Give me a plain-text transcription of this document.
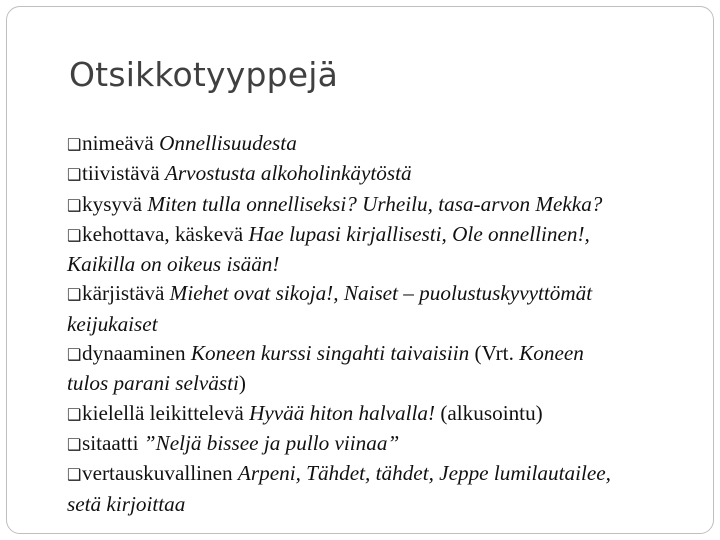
Otsikkotyyppejä

❑nimeävä Onnellisuudesta

❑tiivistävä Arvostusta alkoholinkäytöstä

❑kysyvä Miten tulla onnelliseksi? Urheilu, tasa-arvon Mekka?

❑kehottava, käskevä Hae lupasi kirjallisesti, Ole onnellinen!, Kaikilla on oikeus isään!

❑kärjistävä Miehet ovat sikoja!, Naiset – puolustuskyvyttömät keijukaiset

❑dynaaminen Koneen kurssi singahti taivaisiin (Vrt. Koneen tulos parani selvästi)

❑kielellä leikittelevä Hyvää hiton halvalla! (alkusointu)

❑sitaatti ”Neljä bissee ja pullo viinaa”

❑vertauskuvallinen Arpeni, Tähdet, tähdet, Jeppe lumilautailee, setä kirjoittaa
